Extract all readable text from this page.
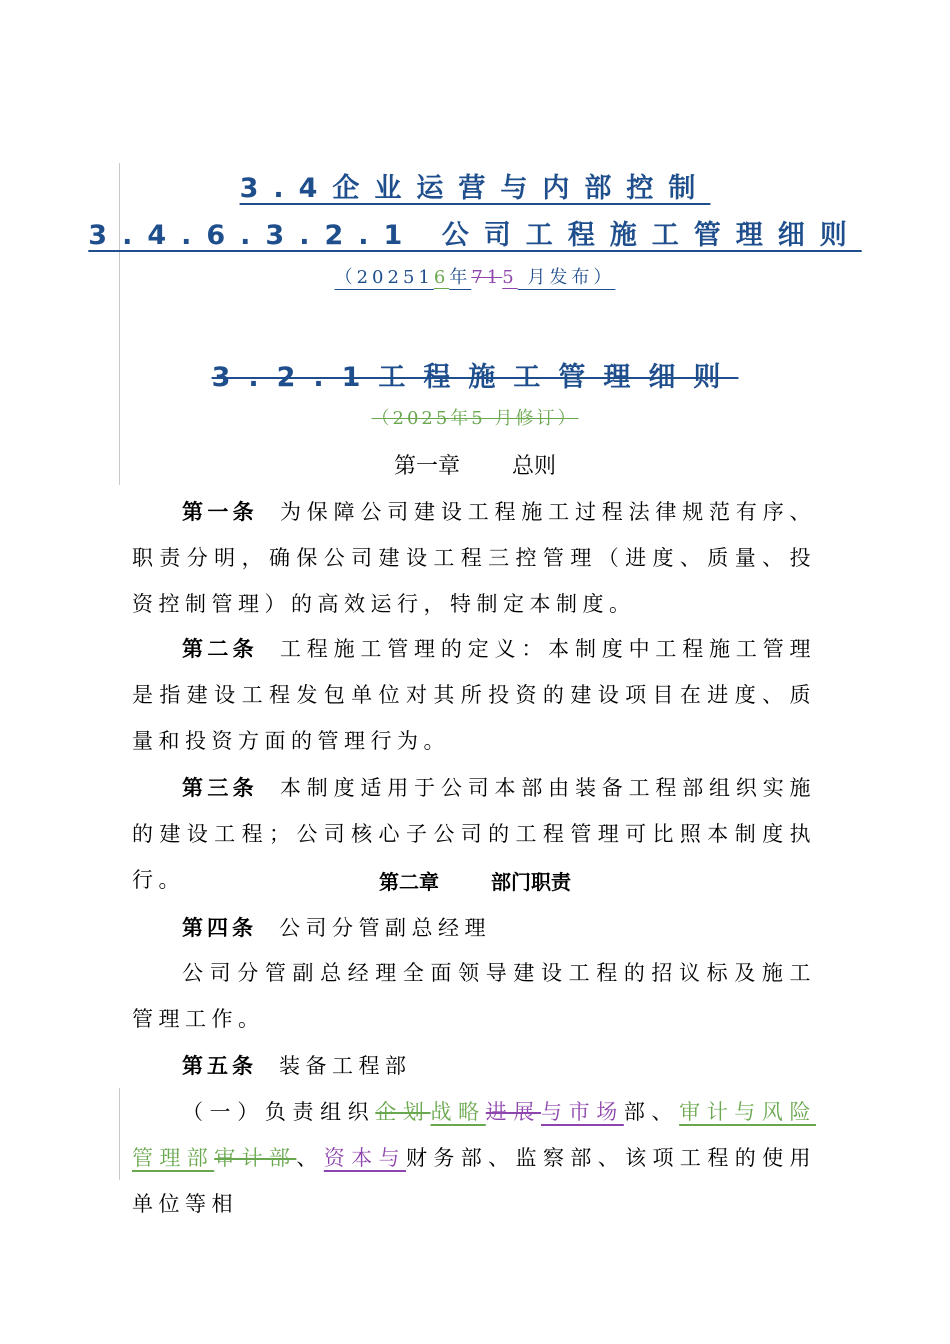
3.4企业运营与内部控制
3.4.6.3.2.1 公司工程施工管理细则
（202516年715 月发布）
3.2.1工程施工管理细则
（2025年5 月修订）
第一章 总则
第一条 为保障公司建设工程施工过程法律规范有序、职责分明，确保公司建设工程三控管理（进度、质量、投资控制管理）的高效运行，特制定本制度。
第二条 工程施工管理的定义：本制度中工程施工管理是指建设工程发包单位对其所投资的建设项目在进度、质量和投资方面的管理行为。
第三条 本制度适用于公司本部由装备工程部组织实施的建设工程；公司核心子公司的工程管理可比照本制度执行。	第二章	部门职责
第四条 公司分管副总经理
公司分管副总经理全面领导建设工程的招议标及施工管理工作。
第五条 装备工程部
（一）负责组织企划战略进展与市场部、审计与风险管理部审计部、资本与财务部、监察部、该项工程的使用单位等相
